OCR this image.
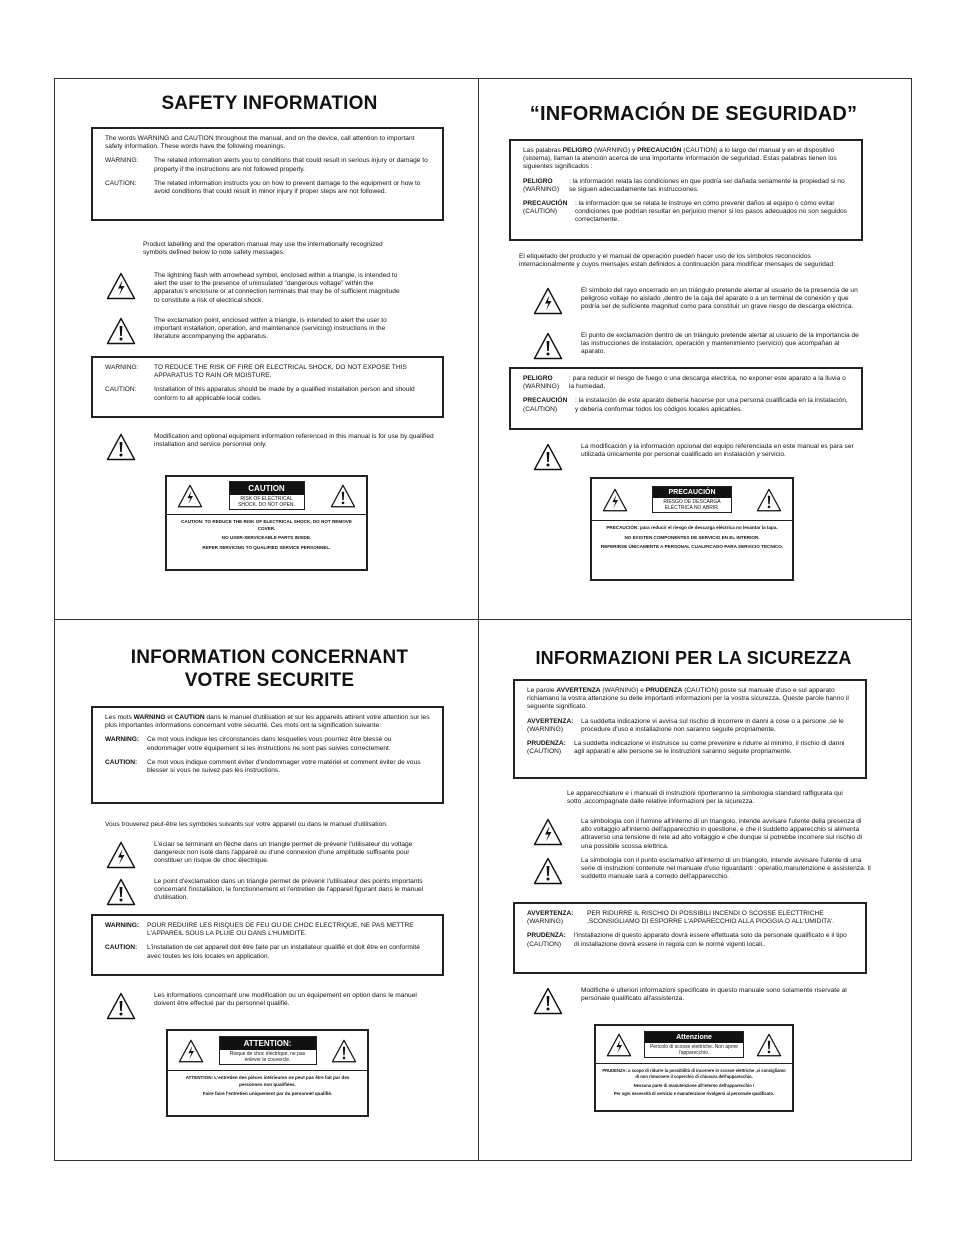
SAFETY INFORMATION

The words WARNING and CAUTION throughout the manual, and on the device, call attention to important safety information. These words have the following meanings.

WARNING:	The related information alerts you to conditions that could result in serious injury or damage to property if the instructions are not followed properly.
CAUTION:	The related information instructs you on how to prevent damage to the equipment or how to avoid conditions that could result in minor injury if proper steps are not followed.
Product labelling and the operation manual may use the internationally recognized symbols defined below to note safety messages.
The lightning flash with arrowhead symbol, enclosed within a triangle, is intended to alert the user to the presence of uninsulated "dangerous voltage" within the apparatus's enclosure or at connection terminals that may be of sufficient magnitude to constitute a risk of electrical shock.
The exclamation point, enclosed within a triangle, is intended to alert the user to important installation, operation, and maintenance (servicing) instructions in the literature accompanying the apparatus.
WARNING:	TO REDUCE THE RISK OF FIRE OR ELECTRICAL SHOCK, DO NOT EXPOSE THIS APPARATUS TO RAIN OR MOISTURE.
CAUTION:	Installation of this apparatus should be made by a qualified installation person and should conform to all applicable local codes.
Modification and optional equipment information referenced in this manual is for use by qualified installation and service personnel only.
CAUTION
RISK OF ELECTRICAL SHOCK. DO NOT OPEN.

CAUTION: TO REDUCE THE RISK OF ELECTRICAL SHOCK, DO NOT REMOVE COVER.

NO USER-SERVICEABLE PARTS INSIDE.

REFER SERVICING TO QUALIFIED SERVICE PERSONNEL.

“INFORMACIÓN DE SEGURIDAD”

Las palabras PELIGRO (WARNING) y PRECAUCIÓN (CAUTION) a lo largo del manual y en el dispositivo (sistema), llaman la atención acerca de una importante información de seguridad. Estas palabras tienen los siguientes significados :

PELIGRO
(WARNING)
: la información relata las condiciones en que podría ser dañada seriamente la propiedad si no se siguen adecuadamente las instrucciones.
PRECAUCIÓN
(CAUTION)
: la información que se relata te instruye en cómo prevenir daños al equipo o cómo evitar condiciones que podrían resultar en perjuicio menor si los pasos adecuados no son seguidos correctamente.
El etiquetado del producto y el manual de operación pueden hacer uso de los símbolos reconocidos internacionalmente y cuyos mensajes estan definidos a continuación para modificar mensajes de seguridad:
El símbolo del rayo encerrado en un triángulo pretende alertar al usuario de la presencia de un peligroso voltaje no aislado ,dentro de la caja del aparato o a un terminal de conexión y que podría ser de suficiente magnitud como para constituir un grave riesgo de descarga eléctrica.
El punto de exclamación dentro de un triángulo pretende alertar al usuario de la importancia de las instrucciones de instalación, operación y mantenimiento (servicio) que acompañan al aparato.
PELIGRO
(WARNING)
: para reducir el riesgo de fuego o una descarga electrica, no exponer este aparato a la lluvia o la humedad.
PRECAUCIÓN
(CAUTION)
: la instalación de este aparato debería hacerse por una persona cualificada en la instalación, y debería conformar todos los códigos locales aplicables.
La modificación y la información opcional del equipo referenciada en este manual es para ser utilizada únicamente por personal cualificado en instalación y servicio.
PRECAUCIÓN
RIESGO DE DESCARGA ELÉCTRICA NO ABRIR.

PRECAUCIÓN: para reducir el riesgo de descarga eléctrica no levantar la tapa.

NO EXISTEN COMPONENTES DE SERVICIO EN EL INTERIOR.

REFERIRSE ÚNICAMENTE A PERSONAL CUALIFICADO PARA SERVICIO TECNICO.

INFORMATION CONCERNANT
VOTRE SECURITE

Les mots WARNING et CAUTION dans le manuel d'utilisation et sur les appareils attirent votre attention sur les plus importantes informations concernant votre sécurité. Ces mots ont la signification suivante:

WARNING:	Ce mot vous indique les circonstances dans lesquelles vous pourriez être blessé ou endommager votre équipement si les instructions ne sont pas suivies correctement.
CAUTION:	Ce mot vous indique comment éviter d'endommager votre matériel et comment éviter de vous blesser si vous ne suivez pas les instructions.
Vous trouverez peut-être les symboles suivants sur votre appareil ou dans le manuel d'utilisation.
L'éclair se terminant en flèche dans un triangle permet de prévenir l'utilisateur du voltage dangereux non isolé dans l'appareil ou d'une connexion d'une amplitude suffisante pour constituer un risque de choc électrique.
Le point d'exclamation dans un triangle permet de prévenir l'utilisateur des points importants concernant l'installation, le fonctionnement et l'entretien de l'appareil figurant dans le manuel d'utilisation.
WARNING:	POUR REDUIRE LES RISQUES DE FEU OU DE CHOC ELECTRIQUE, NE PAS METTRE L'APPAREIL SOUS LA PLUIE OU DANS L'HUMIDITE.
CAUTION:	L'installation de cet appareil doit être faite par un installateur qualifié et doit être en conformité avec toutes les lois locales en application.
Les informations concernant une modification ou un équipement en option dans le manuel doivent être effectué par du personnel qualifié.
ATTENTION:
Risque de choc électrique, ne pas enlever le couvercle.

ATTENTION: L'entretien des pièces intérieures ne peut pas être fait par des personnes non qualifiées.

Faire faire l'entretien uniquement par du personnel qualifié.

INFORMAZIONI PER LA SICUREZZA

Le parole AVVERTENZA (WARNING) e PRUDENZA (CAUTION) poste sul manuale d'uso e sul apparato richiamano la vostra attenzione su delle importanti informazioni per la vostra sicurezza. Queste parole hanno il seguente significato.

AVVERTENZA:
(WARNING)
La suddetta indicazione vi avvisa sul rischio di incorrere in danni a cose o a persone ,se le procedure d'uso e installazione non saranno seguite propriamente.
PRUDENZA:
(CAUTION)
La suddetta indicazione vi instruisce su come prevenire e ridurre al minimo, il rischio di danni agli apparati e alle persone se le instruzioni saranno seguite propriamente.
Le apparecchiature e i manuali di instruzioni riporteranno la simbologia standard raffigurata qui sotto ,accompagnate dalle relative informazioni per la sicurezza.
La simbologia con il fulmine all'interno di un triangolo, intende avvisare l'utente della presenza di alto voltaggio all'interno dell'apparecchio in questione, e che il suddetto apparecchio si alimenta attraverso una tensione di rete ad alto voltaggio e che dunque si potrebbe incorrere sul rischio di una possibile scossa elettrica.
La simbologia con il punto esclamativo all'interno di un triangolo, intende avvisare l'utente di una serie di instruzioni contenute nel manuale d'uso riguardanti : operatio,manutenzione e assistenza. Il suddetto manuale sarà a corredo dell'apparecchio.
AVVERTENZA:
(WARNING)
PER RIDURRE IL RISCHIO DI POSSIBILI INCENDI O SCOSSE ELECTTRICHE ,SCONSIGLIAMO DI ESPORRE L'APPARECCHIO ALLA PIOGGIA O ALL'UMIDITA'.
PRUDENZA:
(CAUTION)
l'installazione di questo apparato dovrà essere effettuata solo da personale qualificato e il tipo di installazione dovrà essere in regola con le norme vigenti locali..
Modifiche e ulteriori informazioni specificate in questo manuale sono solamente riservate al personale qualificato all'assistenza.
Attenzione
Pericolo di scosse elettriche. Non aprire l'apparecchio.

PRUDENZA: a scopo di ridurre la possibilità di incorrere in scosse elettriche ,vi consigliamo di non rimuovere il coperchio di chiusura dell'apparecchio.

Nessuna parte di manutenzione all'interno dell'apparecchio !

Per ogni necessità di servizio e manutenzione rivolgersi al personale qualificato.
